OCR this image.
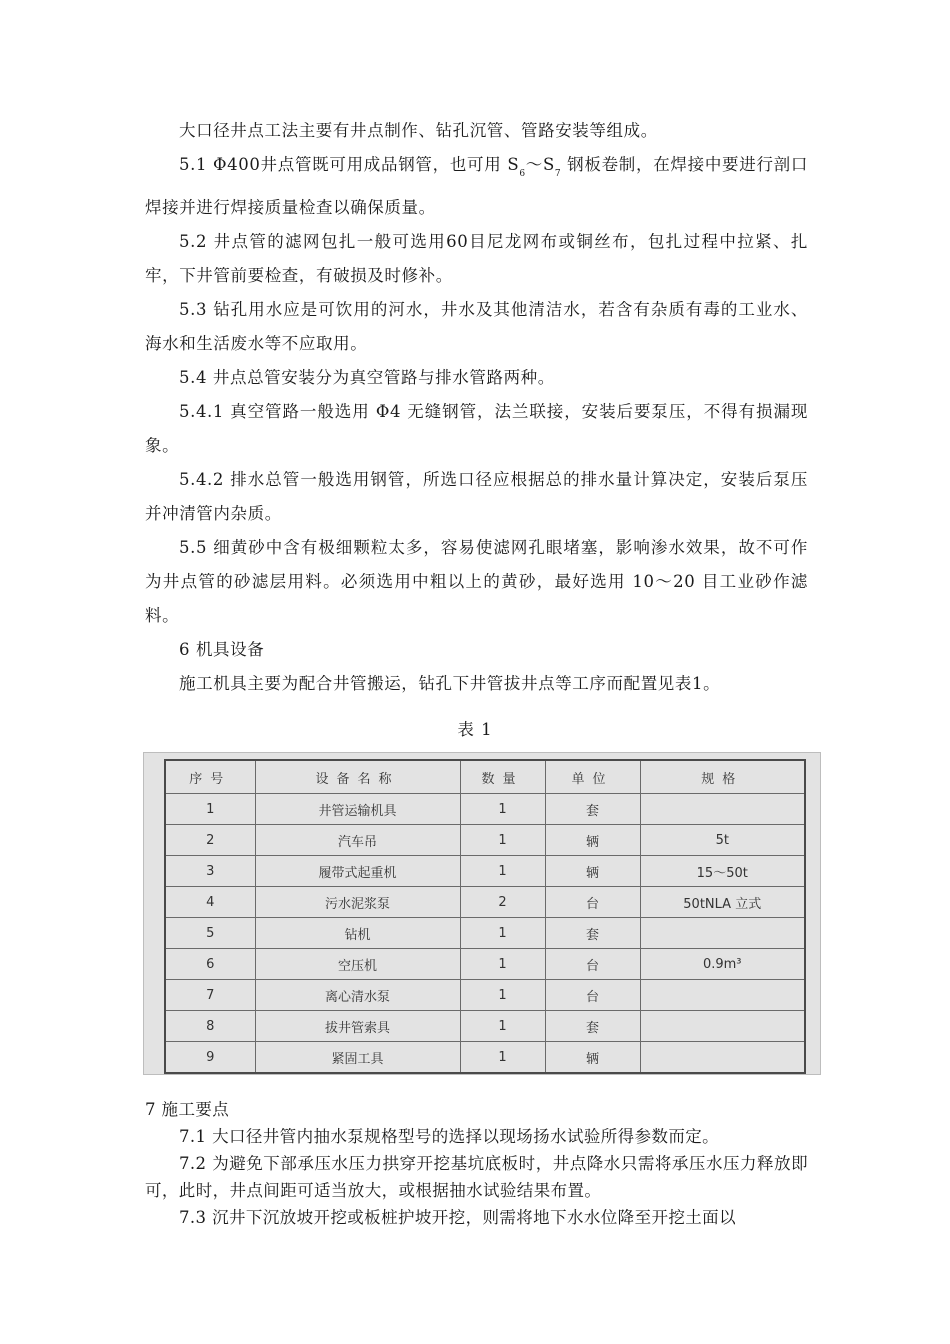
大口径井点工法主要有井点制作、钻孔沉管、管路安装等组成。
5.1 Φ400井点管既可用成品钢管，也可用 $S_6\sim S_7$ 钢板卷制，在焊接中要进行剖口焊接并进行焊接质量检查以确保质量。
5.2 井点管的滤网包扎一般可选用60目尼龙网布或铜丝布，包扎过程中拉紧、扎牢，下井管前要检查，有破损及时修补。
5.3 钻孔用水应是可饮用的河水，井水及其他清洁水，若含有杂质有毒的工业水、海水和生活废水等不应取用。
5.4 井点总管安装分为真空管路与排水管路两种。
5.4.1 真空管路一般选用 Φ4 无缝钢管，法兰联接，安装后要泵压，不得有损漏现象。
5.4.2 排水总管一般选用钢管，所选口径应根据总的排水量计算决定，安装后泵压并冲清管内杂质。
5.5 细黄砂中含有极细颗粒太多，容易使滤网孔眼堵塞，影响渗水效果，故不可作为井点管的砂滤层用料。必须选用中粗以上的黄砂，最好选用 10～20 目工业砂作滤料。
6 机具设备
施工机具主要为配合井管搬运，钻孔下井管拔井点等工序而配置见表1。
表 1
序号	设备名称	数量	单位	规格
1	井管运输机具	1	套	
2	汽车吊	1	辆	5t
3	履带式起重机	1	辆	15～50t
4	污水泥浆泵	2	台	50tNLA 立式
5	钻机	1	套	
6	空压机	1	台	0.9m³
7	离心清水泵	1	台	
8	拔井管索具	1	套	
9	紧固工具	1	辆	
7 施工要点
7.1 大口径井管内抽水泵规格型号的选择以现场扬水试验所得参数而定。
7.2 为避免下部承压水压力拱穿开挖基坑底板时，井点降水只需将承压水压力释放即可，此时，井点间距可适当放大，或根据抽水试验结果布置。
7.3 沉井下沉放坡开挖或板桩护坡开挖，则需将地下水水位降至开挖土面以
